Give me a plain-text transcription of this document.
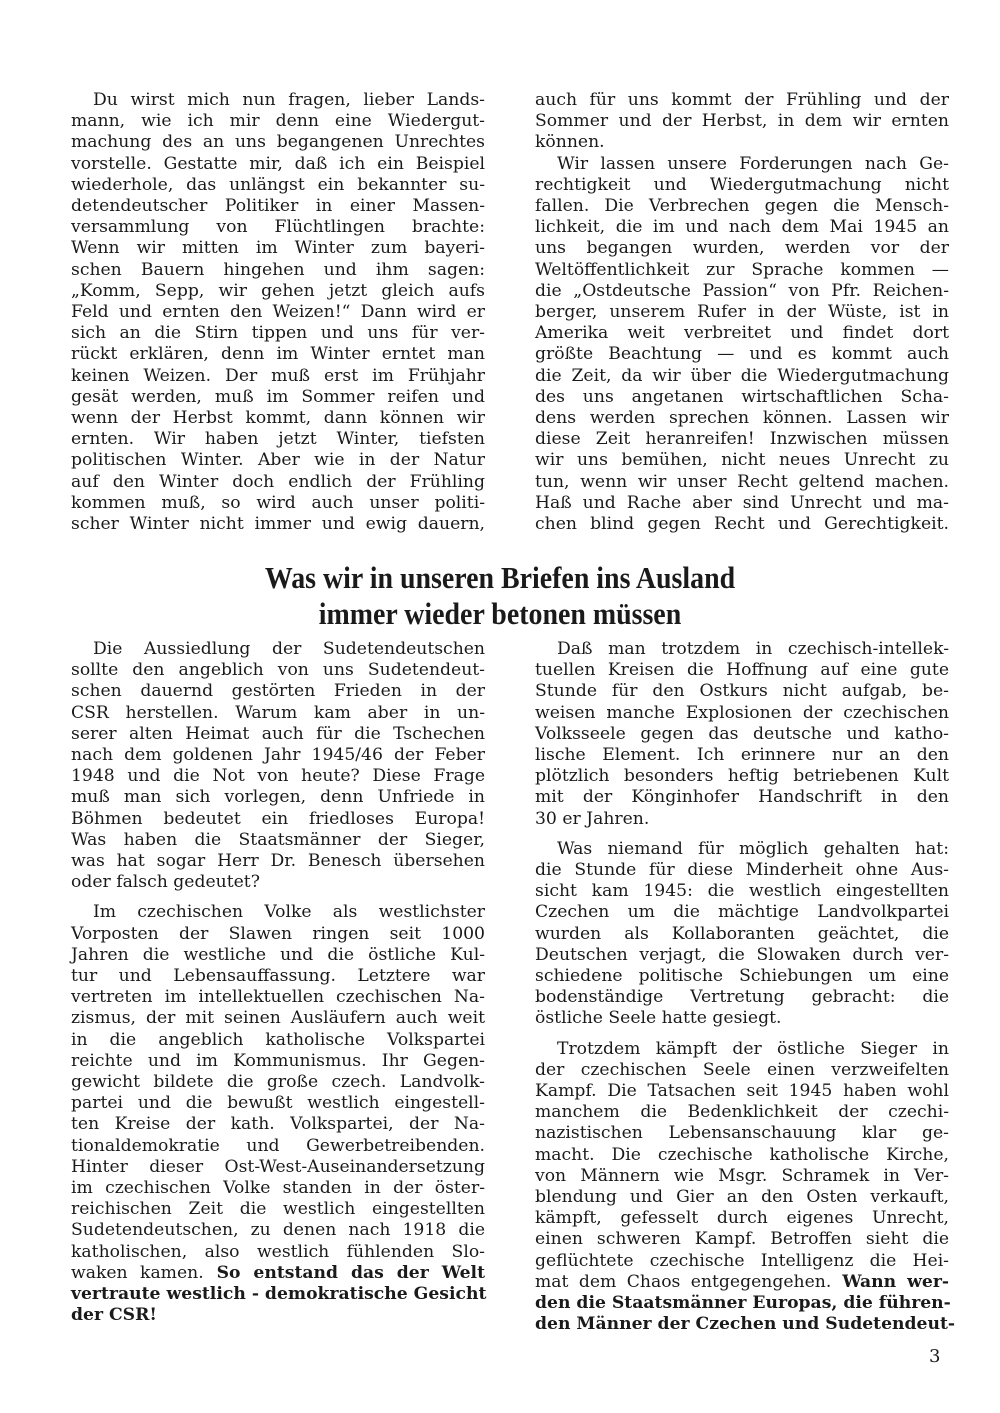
Du wirst mich nun fragen, lieber Lands-
mann, wie ich mir denn eine Wiedergut-
machung des an uns begangenen Unrechtes
vorstelle. Gestatte mir, daß ich ein Beispiel
wiederhole, das unlängst ein bekannter su-
detendeutscher Politiker in einer Massen-
versammlung von Flüchtlingen brachte:
Wenn wir mitten im Winter zum bayeri-
schen Bauern hingehen und ihm sagen:
„Komm, Sepp, wir gehen jetzt gleich aufs
Feld und ernten den Weizen!“ Dann wird er
sich an die Stirn tippen und uns für ver-
rückt erklären, denn im Winter erntet man
keinen Weizen. Der muß erst im Frühjahr
gesät werden, muß im Sommer reifen und
wenn der Herbst kommt, dann können wir
ernten. Wir haben jetzt Winter, tiefsten
politischen Winter. Aber wie in der Natur
auf den Winter doch endlich der Frühling
kommen muß, so wird auch unser politi-
scher Winter nicht immer und ewig dauern,

auch für uns kommt der Frühling und der
Sommer und der Herbst, in dem wir ernten
können.

Wir lassen unsere Forderungen nach Ge-
rechtigkeit und Wiedergutmachung nicht
fallen. Die Verbrechen gegen die Mensch-
lichkeit, die im und nach dem Mai 1945 an
uns begangen wurden, werden vor der
Weltöffentlichkeit zur Sprache kommen —
die „Ostdeutsche Passion“ von Pfr. Reichen-
berger, unserem Rufer in der Wüste, ist in
Amerika weit verbreitet und findet dort
größte Beachtung — und es kommt auch
die Zeit, da wir über die Wiedergutmachung
des uns angetanen wirtschaftlichen Scha-
dens werden sprechen können. Lassen wir
diese Zeit heranreifen! Inzwischen müssen
wir uns bemühen, nicht neues Unrecht zu
tun, wenn wir unser Recht geltend machen.
Haß und Rache aber sind Unrecht und ma-
chen blind gegen Recht und Gerechtigkeit.

Was wir in unseren Briefen ins Ausland
immer wieder betonen müssen

Die Aussiedlung der Sudetendeutschen
sollte den angeblich von uns Sudetendeut-
schen dauernd gestörten Frieden in der
CSR herstellen. Warum kam aber in un-
serer alten Heimat auch für die Tschechen
nach dem goldenen Jahr 1945/46 der Feber
1948 und die Not von heute? Diese Frage
muß man sich vorlegen, denn Unfriede in
Böhmen bedeutet ein friedloses Europa!
Was haben die Staatsmänner der Sieger,
was hat sogar Herr Dr. Benesch übersehen
oder falsch gedeutet?

Im czechischen Volke als westlichster
Vorposten der Slawen ringen seit 1000
Jahren die westliche und die östliche Kul-
tur und Lebensauffassung. Letztere war
vertreten im intellektuellen czechischen Na-
zismus, der mit seinen Ausläufern auch weit
in die angeblich katholische Volkspartei
reichte und im Kommunismus. Ihr Gegen-
gewicht bildete die große czech. Landvolk-
partei und die bewußt westlich eingestell-
ten Kreise der kath. Volkspartei, der Na-
tionaldemokratie und Gewerbetreibenden.
Hinter dieser Ost-West-Auseinandersetzung
im czechischen Volke standen in der öster-
reichischen Zeit die westlich eingestellten
Sudetendeutschen, zu denen nach 1918 die
katholischen, also westlich fühlenden Slo-
waken kamen. So entstand das der Welt
vertraute westlich - demokratische Gesicht
der CSR!

Daß man trotzdem in czechisch-intellek-
tuellen Kreisen die Hoffnung auf eine gute
Stunde für den Ostkurs nicht aufgab, be-
weisen manche Explosionen der czechischen
Volksseele gegen das deutsche und katho-
lische Element. Ich erinnere nur an den
plötzlich besonders heftig betriebenen Kult
mit der Könginhofer Handschrift in den
30 er Jahren.

Was niemand für möglich gehalten hat:
die Stunde für diese Minderheit ohne Aus-
sicht kam 1945: die westlich eingestellten
Czechen um die mächtige Landvolkpartei
wurden als Kollaboranten geächtet, die
Deutschen verjagt, die Slowaken durch ver-
schiedene politische Schiebungen um eine
bodenständige Vertretung gebracht: die
östliche Seele hatte gesiegt.

Trotzdem kämpft der östliche Sieger in
der czechischen Seele einen verzweifelten
Kampf. Die Tatsachen seit 1945 haben wohl
manchem die Bedenklichkeit der czechi-
nazistischen Lebensanschauung klar ge-
macht. Die czechische katholische Kirche,
von Männern wie Msgr. Schramek in Ver-
blendung und Gier an den Osten verkauft,
kämpft, gefesselt durch eigenes Unrecht,
einen schweren Kampf. Betroffen sieht die
geflüchtete czechische Intelligenz die Hei-
mat dem Chaos entgegengehen. Wann wer-
den die Staatsmänner Europas, die führen-
den Männer der Czechen und Sudetendeut-

3
